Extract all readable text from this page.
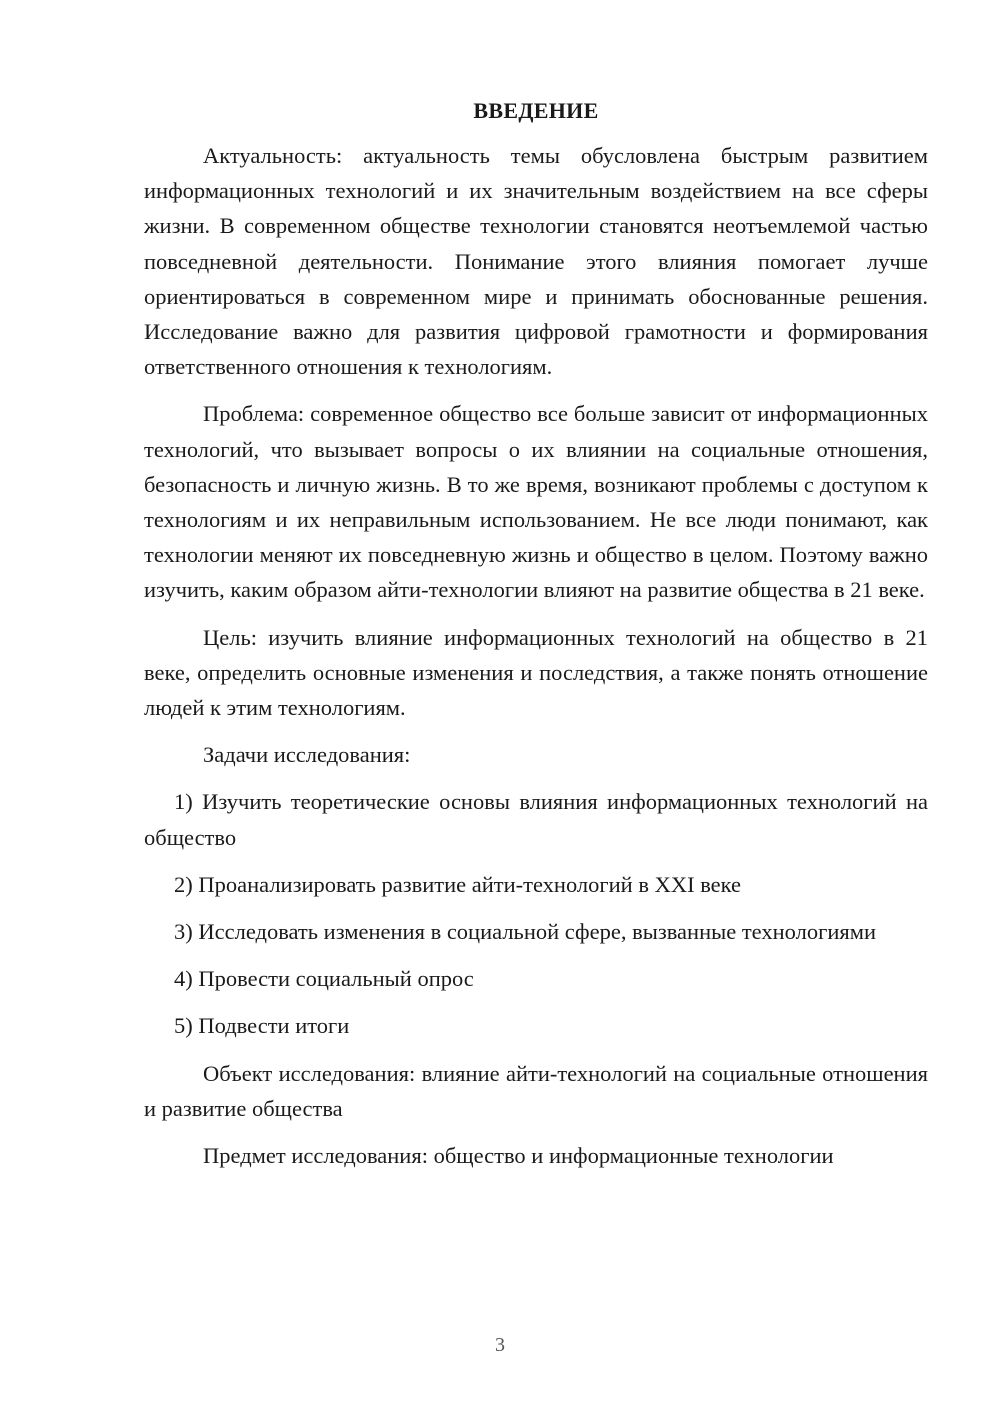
ВВЕДЕНИЕ

Актуальность: актуальность темы обусловлена быстрым развитием информационных технологий и их значительным воздействием на все сферы жизни. В современном обществе технологии становятся неотъемлемой частью повседневной деятельности. Понимание этого влияния помогает лучше ориентироваться в современном мире и принимать обоснованные решения. Исследование важно для развития цифровой грамотности и формирования ответственного отношения к технологиям.

Проблема: современное общество все больше зависит от информационных технологий, что вызывает вопросы о их влиянии на социальные отношения, безопасность и личную жизнь. В то же время, возникают проблемы с доступом к технологиям и их неправильным использованием. Не все люди понимают, как технологии меняют их повседневную жизнь и общество в целом. Поэтому важно изучить, каким образом айти-технологии влияют на развитие общества в 21 веке.

Цель: изучить влияние информационных технологий на общество в 21 веке, определить основные изменения и последствия, а также понять отношение людей к этим технологиям.

Задачи исследования:

1) Изучить теоретические основы влияния информационных технологий на общество

2) Проанализировать развитие айти-технологий в XXI веке

3) Исследовать изменения в социальной сфере, вызванные технологиями

4) Провести социальный опрос

5) Подвести итоги

Объект исследования: влияние айти-технологий на социальные отношения и развитие общества

Предмет исследования: общество и информационные технологии

3
